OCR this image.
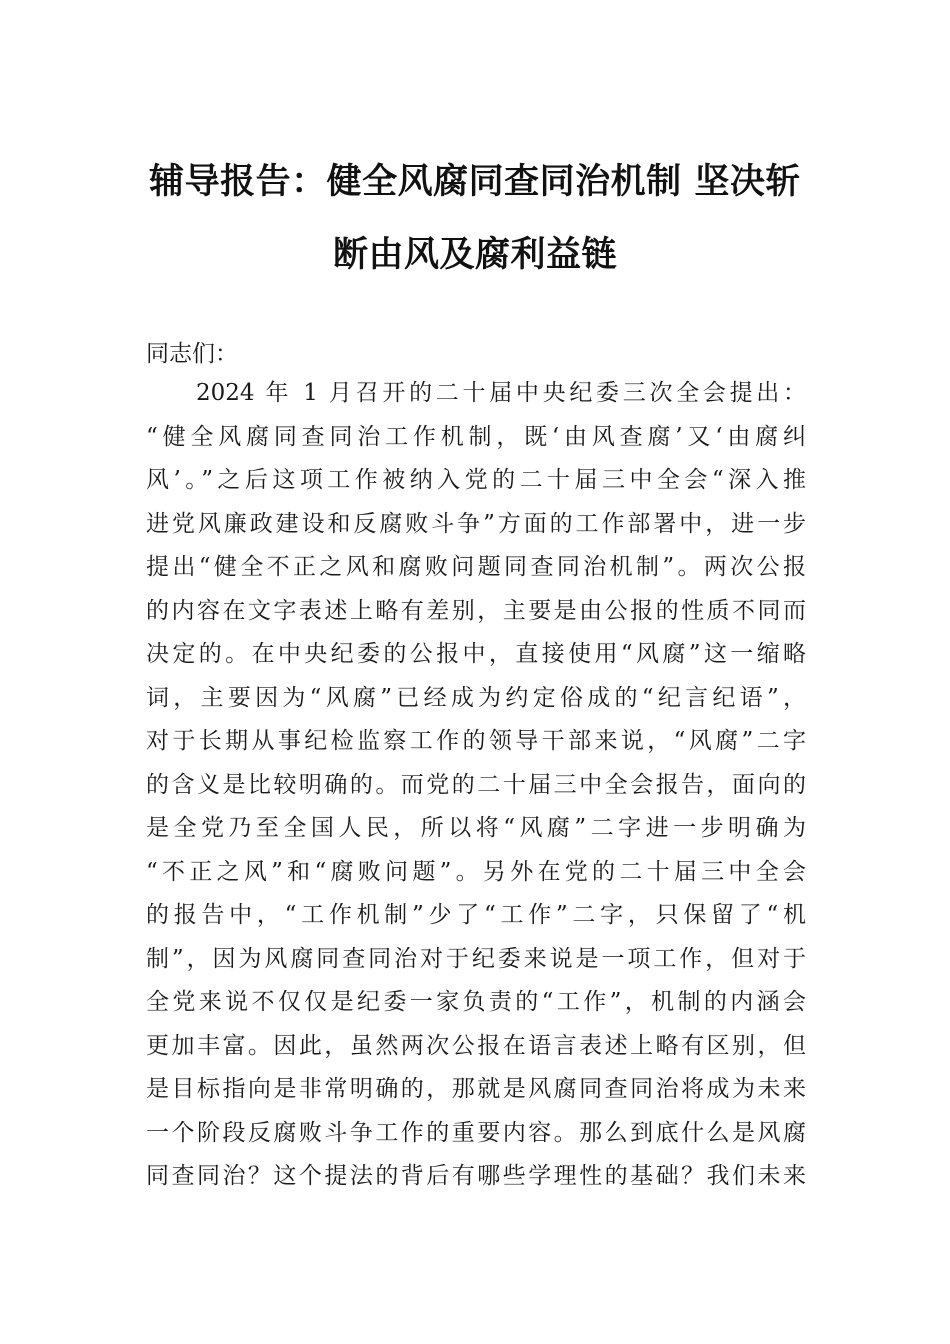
辅导报告：健全风腐同查同治机制 坚决斩
断由风及腐利益链
同志们：
2024 年 1 月召开的二十届中央纪委三次全会提出：
“健全风腐同查同治工作机制，既‘由风查腐’又‘由腐纠
风’。”之后这项工作被纳入党的二十届三中全会“深入推
进党风廉政建设和反腐败斗争”方面的工作部署中，进一步
提出“健全不正之风和腐败问题同查同治机制”。两次公报
的内容在文字表述上略有差别，主要是由公报的性质不同而
决定的。在中央纪委的公报中，直接使用“风腐”这一缩略
词，主要因为“风腐”已经成为约定俗成的“纪言纪语”，
对于长期从事纪检监察工作的领导干部来说，“风腐”二字
的含义是比较明确的。而党的二十届三中全会报告，面向的
是全党乃至全国人民，所以将“风腐”二字进一步明确为
“不正之风”和“腐败问题”。另外在党的二十届三中全会
的报告中，“工作机制”少了“工作”二字，只保留了“机
制”，因为风腐同查同治对于纪委来说是一项工作，但对于
全党来说不仅仅是纪委一家负责的“工作”，机制的内涵会
更加丰富。因此，虽然两次公报在语言表述上略有区别，但
是目标指向是非常明确的，那就是风腐同查同治将成为未来
一个阶段反腐败斗争工作的重要内容。那么到底什么是风腐
同查同治？这个提法的背后有哪些学理性的基础？我们未来
